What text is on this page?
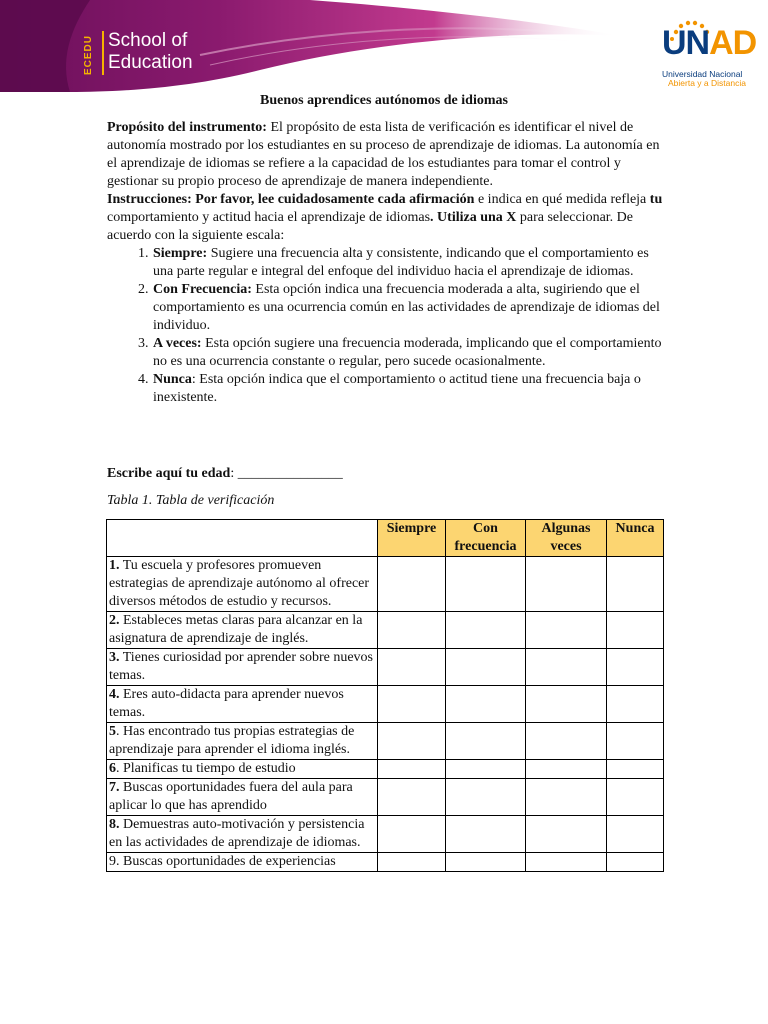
ECEDU School of
Education
UNAD
Universidad Nacional
Abierta y a Distancia
Buenos aprendices autónomos de idiomas

Propósito del instrumento: El propósito de esta lista de verificación es identificar el nivel de autonomía mostrado por los estudiantes en su proceso de aprendizaje de idiomas. La autonomía en el aprendizaje de idiomas se refiere a la capacidad de los estudiantes para tomar el control y gestionar su propio proceso de aprendizaje de manera independiente.

Instrucciones: Por favor, lee cuidadosamente cada afirmación e indica en qué medida refleja tu comportamiento y actitud hacia el aprendizaje de idiomas. Utiliza una X para seleccionar. De acuerdo con la siguiente escala:

1. Siempre: Sugiere una frecuencia alta y consistente, indicando que el comportamiento es una parte regular e integral del enfoque del individuo hacia el aprendizaje de idiomas.
2. Con Frecuencia: Esta opción indica una frecuencia moderada a alta, sugiriendo que el comportamiento es una ocurrencia común en las actividades de aprendizaje de idiomas del individuo.
3. A veces: Esta opción sugiere una frecuencia moderada, implicando que el comportamiento no es una ocurrencia constante o regular, pero sucede ocasionalmente.
4. Nunca: Esta opción indica que el comportamiento o actitud tiene una frecuencia baja o inexistente.
Escribe aquí tu edad: _______________
Tabla 1. Tabla de verificación
	Siempre	Con frecuencia	Algunas veces	Nunca
1. Tu escuela y profesores promueven estrategias de aprendizaje autónomo al ofrecer diversos métodos de estudio y recursos.				
2. Estableces metas claras para alcanzar en la asignatura de aprendizaje de inglés.				
3. Tienes curiosidad por aprender sobre nuevos temas.				
4. Eres auto-didacta para aprender nuevos temas.				
5. Has encontrado tus propias estrategias de aprendizaje para aprender el idioma inglés.				
6. Planificas tu tiempo de estudio				
7. Buscas oportunidades fuera del aula para aplicar lo que has aprendido				
8. Demuestras auto-motivación y persistencia en las actividades de aprendizaje de idiomas.				
9. Buscas oportunidades de experiencias				
